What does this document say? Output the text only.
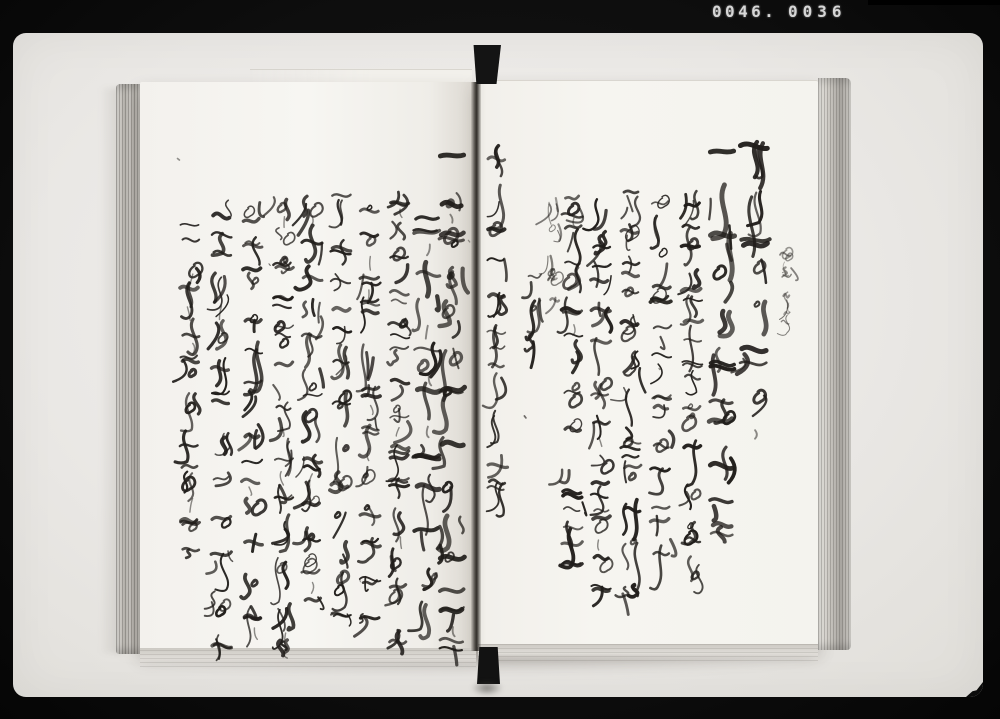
0046. 0036
